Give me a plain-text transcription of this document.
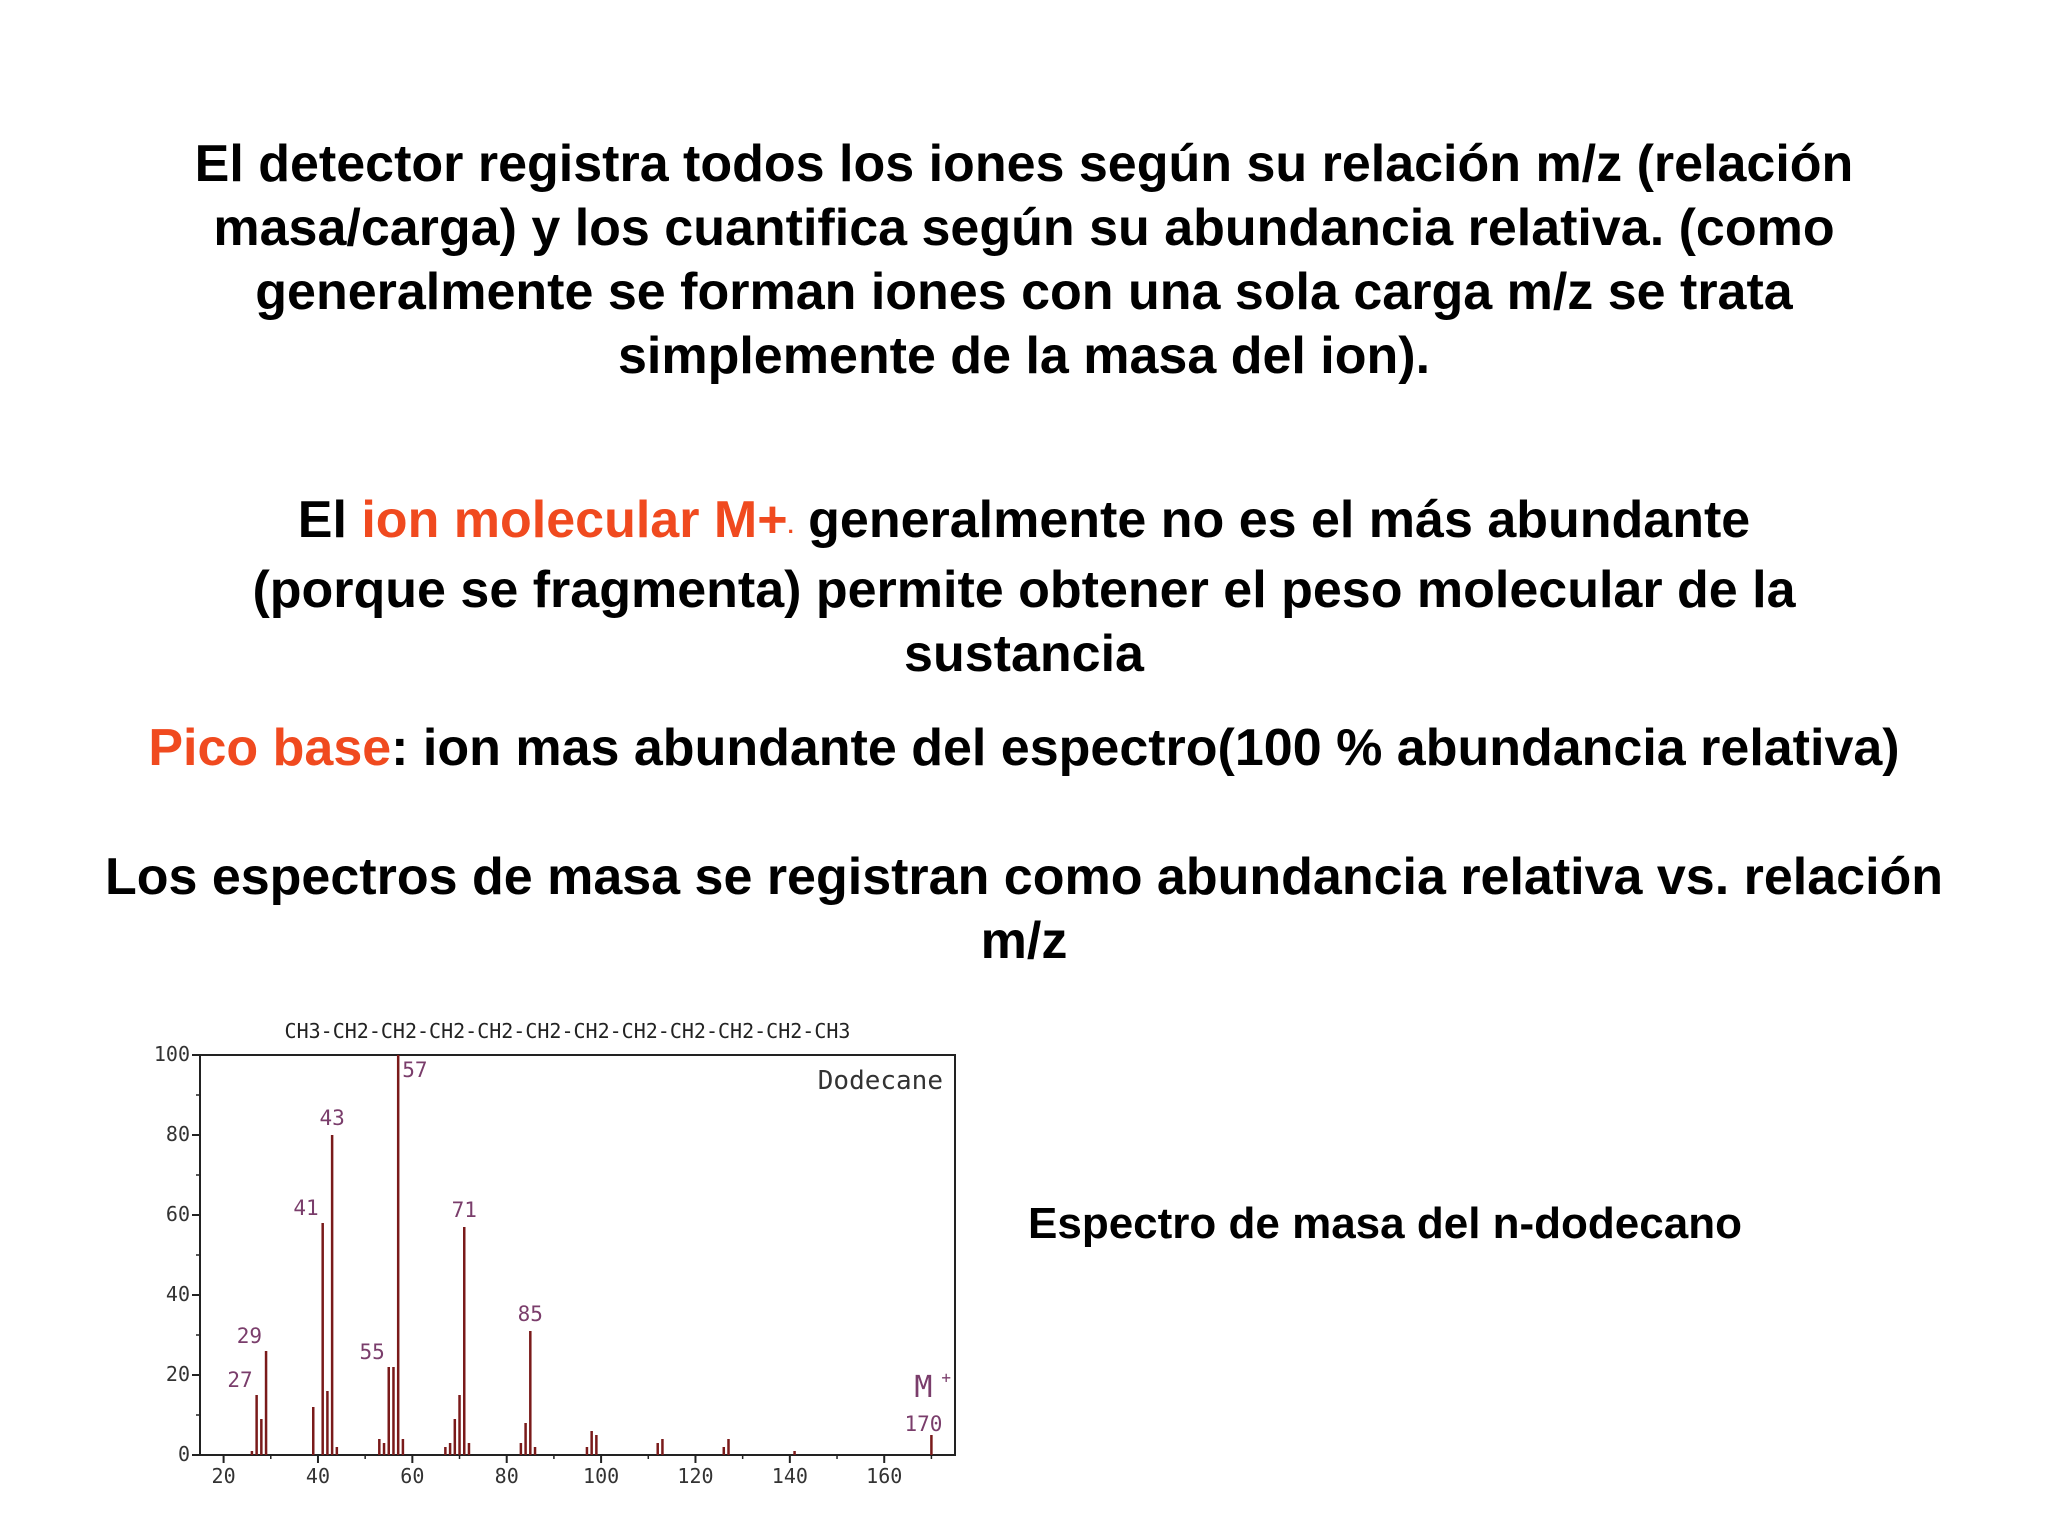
El detector registra todos los iones según su relación m/z (relación masa/carga) y los cuantifica según su abundancia relativa. (como generalmente se forman iones con una sola carga m/z se trata simplemente de la masa del ion).

El ion molecular M+. generalmente no es el más abundante (porque se fragmenta) permite obtener el peso molecular de la sustancia

Pico base: ion mas abundante del espectro(100 % abundancia relativa)

Los espectros de masa se registran como abundancia relativa vs. relación m/z

Espectro de masa del n-dodecano

0
20
40
60
80
100
20	40	60	80	100	120	140	160
CH3-CH2-CH2-CH2-CH2-CH2-CH2-CH2-CH2-CH2-CH2-CH3
Dodecane
27
29
41
43
55
57
71
85
M +
170
